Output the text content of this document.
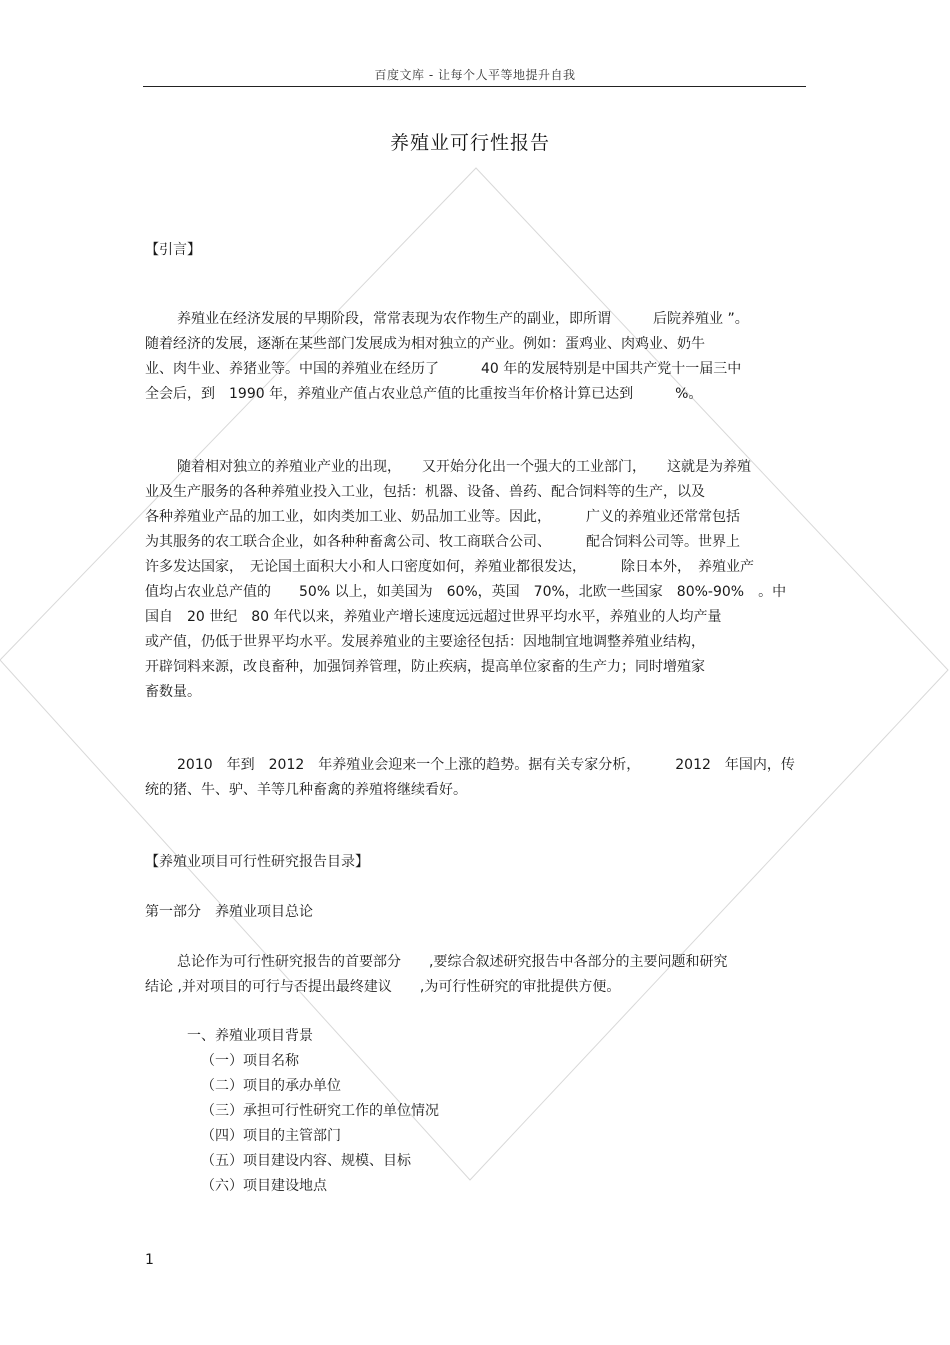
百度文库 - 让每个人平等地提升自我
养殖业可行性报告
【引言】
养殖业在经济发展的早期阶段，常常表现为农作物生产的副业，即所谓　　　后院养殖业 ”。
随着经济的发展，逐渐在某些部门发展成为相对独立的产业。例如：蛋鸡业、肉鸡业、奶牛
业、肉牛业、养猪业等。中国的养殖业在经历了　　　40 年的发展特别是中国共产党十一届三中
全会后，到　1990 年，养殖业产值占农业总产值的比重按当年价格计算已达到　　　%。
随着相对独立的养殖业产业的出现，　　又开始分化出一个强大的工业部门，　　这就是为养殖
业及生产服务的各种养殖业投入工业，包括：机器、设备、兽药、配合饲料等的生产，以及
各种养殖业产品的加工业，如肉类加工业、奶品加工业等。因此，　　　广义的养殖业还常常包括
为其服务的农工联合企业，如各种种畜禽公司、牧工商联合公司、　　　配合饲料公司等。世界上
许多发达国家，　无论国土面积大小和人口密度如何，养殖业都很发达，　　　除日本外，　养殖业产
值均占农业总产值的　　50% 以上，如美国为　60%，英国　70%，北欧一些国家　80%-90%　。中
国自　20 世纪　80 年代以来，养殖业产增长速度远远超过世界平均水平，养殖业的人均产量
或产值，仍低于世界平均水平。发展养殖业的主要途径包括：因地制宜地调整养殖业结构，
开辟饲料来源，改良畜种，加强饲养管理，防止疾病，提高单位家畜的生产力；同时增殖家
畜数量。
2010　年到　2012　年养殖业会迎来一个上涨的趋势。据有关专家分析，　　　2012　年国内，传
统的猪、牛、驴、羊等几种畜禽的养殖将继续看好。
【养殖业项目可行性研究报告目录】
第一部分　养殖业项目总论
总论作为可行性研究报告的首要部分　　,要综合叙述研究报告中各部分的主要问题和研究
结论 ,并对项目的可行与否提出最终建议　　,为可行性研究的审批提供方便。
一、养殖业项目背景
（一）项目名称
（二）项目的承办单位
（三）承担可行性研究工作的单位情况
（四）项目的主管部门
（五）项目建设内容、规模、目标
（六）项目建设地点
1
